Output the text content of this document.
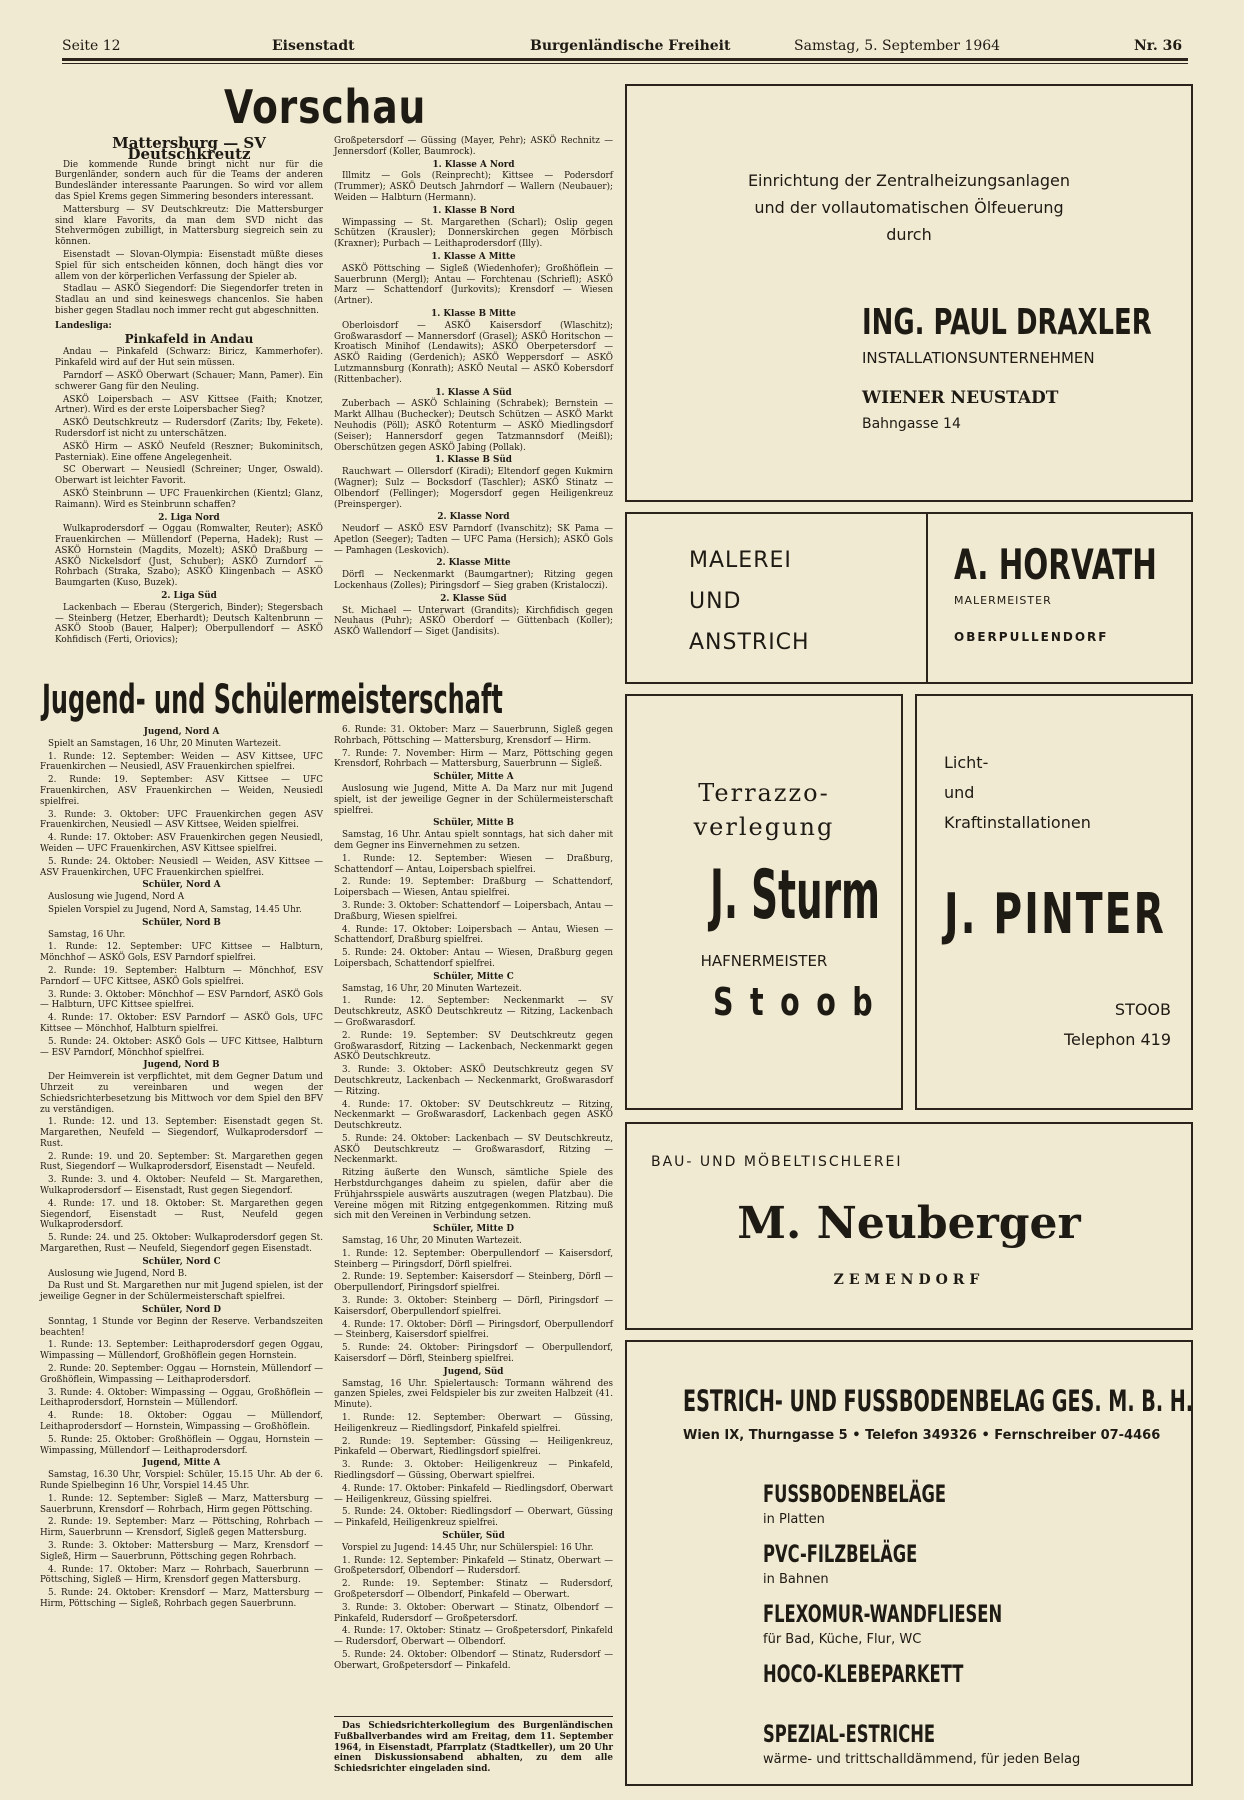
Seite 12	Eisenstadt	Burgenländische Freiheit	Samstag, 5. September 1964	Nr. 36
Vorschau
Mattersburg — SV Deutschkreutz

Die kommende Runde bringt nicht nur für die Burgenländer, sondern auch für die Teams der anderen Bundesländer interessante Paarungen. So wird vor allem das Spiel Krems gegen Simmering besonders interessant.

Mattersburg — SV Deutschkreutz: Die Mattersburger sind klare Favorits, da man dem SVD nicht das Stehvermögen zubilligt, in Mattersburg siegreich sein zu können.

Eisenstadt — Slovan-Olympia: Eisenstadt müßte dieses Spiel für sich entscheiden können, doch hängt dies vor allem von der körperlichen Verfassung der Spieler ab.

Stadlau — ASKÖ Siegendorf: Die Siegendorfer treten in Stadlau an und sind keineswegs chancenlos. Sie haben bisher gegen Stadlau noch immer recht gut abgeschnitten.

Landesliga:
Pinkafeld in Andau

Andau — Pinkafeld (Schwarz: Biricz, Kammerhofer). Pinkafeld wird auf der Hut sein müssen.

Parndorf — ASKÖ Oberwart (Schauer; Mann, Pamer). Ein schwerer Gang für den Neuling.

ASKÖ Loipersbach — ASV Kittsee (Faith; Knotzer, Artner). Wird es der erste Loipersbacher Sieg?

ASKÖ Deutschkreutz — Rudersdorf (Zarits; Iby, Fekete). Rudersdorf ist nicht zu unterschätzen.

ASKÖ Hirm — ASKÖ Neufeld (Reszner; Bukominitsch, Pasterniak). Eine offene Angelegenheit.

SC Oberwart — Neusiedl (Schreiner; Unger, Oswald). Oberwart ist leichter Favorit.

ASKÖ Steinbrunn — UFC Frauenkirchen (Kientzl; Glanz, Raimann). Wird es Steinbrunn schaffen?

2. Liga Nord

Wulkaprodersdorf — Oggau (Romwalter, Reuter); ASKÖ Frauenkirchen — Müllendorf (Peperna, Hadek); Rust — ASKÖ Hornstein (Magdits, Mozelt); ASKÖ Draßburg — ASKÖ Nickelsdorf (Just, Schuber); ASKÖ Zurndorf — Rohrbach (Straka, Szabo); ASKÖ Klingenbach — ASKÖ Baumgarten (Kuso, Buzek).

2. Liga Süd

Lackenbach — Eberau (Stergerich, Binder); Stegersbach — Steinberg (Hetzer, Eberhardt); Deutsch Kaltenbrunn — ASKÖ Stoob (Bauer, Halper); Oberpullendorf — ASKÖ Kohfidisch (Ferti, Oriovics);

Großpetersdorf — Güssing (Mayer, Pehr); ASKÖ Rechnitz — Jennersdorf (Koller, Baumrock).

1. Klasse A Nord

Illmitz — Gols (Reinprecht); Kittsee — Podersdorf (Trummer); ASKÖ Deutsch Jahrndorf — Wallern (Neubauer); Weiden — Halbturn (Hermann).

1. Klasse B Nord

Wimpassing — St. Margarethen (Scharl); Oslip gegen Schützen (Krausler); Donnerskirchen gegen Mörbisch (Kraxner); Purbach — Leithaprodersdorf (Illy).

1. Klasse A Mitte

ASKÖ Pöttsching — Sigleß (Wiedenhofer); Großhöflein — Sauerbrunn (Mergl); Antau — Forchtenau (Schriefl); ASKÖ Marz — Schattendorf (Jurkovits); Krensdorf — Wiesen (Artner).

1. Klasse B Mitte

Oberloisdorf — ASKÖ Kaisersdorf (Wlaschitz); Großwarasdorf — Mannersdorf (Grasel); ASKÖ Horitschon — Kroatisch Minihof (Lendawits); ASKÖ Oberpetersdorf — ASKÖ Raiding (Gerdenich); ASKÖ Weppersdorf — ASKÖ Lutzmannsburg (Konrath); ASKÖ Neutal — ASKÖ Kobersdorf (Rittenbacher).

1. Klasse A Süd

Zuberbach — ASKÖ Schlaining (Schrabek); Bernstein — Markt Allhau (Buchecker); Deutsch Schützen — ASKÖ Markt Neuhodis (Pöll); ASKÖ Rotenturm — ASKÖ Miedlingsdorf (Seiser); Hannersdorf gegen Tatzmannsdorf (Meißl); Oberschützen gegen ASKÖ Jabing (Pollak).

1. Klasse B Süd

Rauchwart — Ollersdorf (Kiradi); Eltendorf gegen Kukmirn (Wagner); Sulz — Bocksdorf (Taschler); ASKÖ Stinatz — Olbendorf (Fellinger); Mogersdorf gegen Heiligenkreuz (Preinsperger).

2. Klasse Nord

Neudorf — ASKÖ ESV Parndorf (Ivanschitz); SK Pama — Apetlon (Seeger); Tadten — UFC Pama (Hersich); ASKÖ Gols — Pamhagen (Leskovich).

2. Klasse Mitte

Dörfl — Neckenmarkt (Baumgartner); Ritzing gegen Lockenhaus (Zolles); Piringsdorf — Sieg graben (Kristaloczi).

2. Klasse Süd

St. Michael — Unterwart (Grandits); Kirchfidisch gegen Neuhaus (Puhr); ASKÖ Oberdorf — Güttenbach (Koller); ASKÖ Wallendorf — Siget (Jandisits).

Jugend- und Schülermeisterschaft
Jugend, Nord A

Spielt an Samstagen, 16 Uhr, 20 Minuten Wartezeit.

1. Runde: 12. September: Weiden — ASV Kittsee, UFC Frauenkirchen — Neusiedl, ASV Frauenkirchen spielfrei.

2. Runde: 19. September: ASV Kittsee — UFC Frauenkirchen, ASV Frauenkirchen — Weiden, Neusiedl spielfrei.

3. Runde: 3. Oktober: UFC Frauenkirchen gegen ASV Frauenkirchen, Neusiedl — ASV Kittsee, Weiden spielfrei.

4. Runde: 17. Oktober: ASV Frauenkirchen gegen Neusiedl, Weiden — UFC Frauenkirchen, ASV Kittsee spielfrei.

5. Runde: 24. Oktober: Neusiedl — Weiden, ASV Kittsee — ASV Frauenkirchen, UFC Frauenkirchen spielfrei.

Schüler, Nord A

Auslosung wie Jugend, Nord A

Spielen Vorspiel zu Jugend, Nord A, Samstag, 14.45 Uhr.

Schüler, Nord B

Samstag, 16 Uhr.

1. Runde: 12. September: UFC Kittsee — Halbturn, Mönchhof — ASKÖ Gols, ESV Parndorf spielfrei.

2. Runde: 19. September: Halbturn — Mönchhof, ESV Parndorf — UFC Kittsee, ASKÖ Gols spielfrei.

3. Runde: 3. Oktober: Mönchhof — ESV Parndorf, ASKÖ Gols — Halbturn, UFC Kittsee spielfrei.

4. Runde: 17. Oktober: ESV Parndorf — ASKÖ Gols, UFC Kittsee — Mönchhof, Halbturn spielfrei.

5. Runde: 24. Oktober: ASKÖ Gols — UFC Kittsee, Halbturn — ESV Parndorf, Mönchhof spielfrei.

Jugend, Nord B

Der Heimverein ist verpflichtet, mit dem Gegner Datum und Uhrzeit zu vereinbaren und wegen der Schiedsrichterbesetzung bis Mittwoch vor dem Spiel den BFV zu verständigen.

1. Runde: 12. und 13. September: Eisenstadt gegen St. Margarethen, Neufeld — Siegendorf, Wulkaprodersdorf — Rust.

2. Runde: 19. und 20. September: St. Margarethen gegen Rust, Siegendorf — Wulkaprodersdorf, Eisenstadt — Neufeld.

3. Runde: 3. und 4. Oktober: Neufeld — St. Margarethen, Wulkaprodersdorf — Eisenstadt, Rust gegen Siegendorf.

4. Runde: 17. und 18. Oktober: St. Margarethen gegen Siegendorf, Eisenstadt — Rust, Neufeld gegen Wulkaprodersdorf.

5. Runde: 24. und 25. Oktober: Wulkaprodersdorf gegen St. Margarethen, Rust — Neufeld, Siegendorf gegen Eisenstadt.

Schüler, Nord C

Auslosung wie Jugend, Nord B.

Da Rust und St. Margarethen nur mit Jugend spielen, ist der jeweilige Gegner in der Schülermeisterschaft spielfrei.

Schüler, Nord D

Sonntag, 1 Stunde vor Beginn der Reserve. Verbandszeiten beachten!

1. Runde: 13. September: Leithaprodersdorf gegen Oggau, Wimpassing — Müllendorf, Großhöflein gegen Hornstein.

2. Runde: 20. September: Oggau — Hornstein, Müllendorf — Großhöflein, Wimpassing — Leithaprodersdorf.

3. Runde: 4. Oktober: Wimpassing — Oggau, Großhöflein — Leithaprodersdorf, Hornstein — Müllendorf.

4. Runde: 18. Oktober: Oggau — Müllendorf, Leithaprodersdorf — Hornstein, Wimpassing — Großhöflein.

5. Runde: 25. Oktober: Großhöflein — Oggau, Hornstein — Wimpassing, Müllendorf — Leithaprodersdorf.

Jugend, Mitte A

Samstag, 16.30 Uhr, Vorspiel: Schüler, 15.15 Uhr. Ab der 6. Runde Spielbeginn 16 Uhr, Vorspiel 14.45 Uhr.

1. Runde: 12. September: Sigleß — Marz, Mattersburg — Sauerbrunn, Krensdorf — Rohrbach, Hirm gegen Pöttsching.

2. Runde: 19. September: Marz — Pöttsching, Rohrbach — Hirm, Sauerbrunn — Krensdorf, Sigleß gegen Mattersburg.

3. Runde: 3. Oktober: Mattersburg — Marz, Krensdorf — Sigleß, Hirm — Sauerbrunn, Pöttsching gegen Rohrbach.

4. Runde: 17. Oktober: Marz — Rohrbach, Sauerbrunn — Pöttsching, Sigleß — Hirm, Krensdorf gegen Mattersburg.

5. Runde: 24. Oktober: Krensdorf — Marz, Mattersburg — Hirm, Pöttsching — Sigleß, Rohrbach gegen Sauerbrunn.

6. Runde: 31. Oktober: Marz — Sauerbrunn, Sigleß gegen Rohrbach, Pöttsching — Mattersburg, Krensdorf — Hirm.

7. Runde: 7. November: Hirm — Marz, Pöttsching gegen Krensdorf, Rohrbach — Mattersburg, Sauerbrunn — Sigleß.

Schüler, Mitte A

Auslosung wie Jugend, Mitte A. Da Marz nur mit Jugend spielt, ist der jeweilige Gegner in der Schülermeisterschaft spielfrei.

Schüler, Mitte B

Samstag, 16 Uhr. Antau spielt sonntags, hat sich daher mit dem Gegner ins Einvernehmen zu setzen.

1. Runde: 12. September: Wiesen — Draßburg, Schattendorf — Antau, Loipersbach spielfrei.

2. Runde: 19. September: Draßburg — Schattendorf, Loipersbach — Wiesen, Antau spielfrei.

3. Runde: 3. Oktober: Schattendorf — Loipersbach, Antau — Draßburg, Wiesen spielfrei.

4. Runde: 17. Oktober: Loipersbach — Antau, Wiesen — Schattendorf, Draßburg spielfrei.

5. Runde: 24. Oktober: Antau — Wiesen, Draßburg gegen Loipersbach, Schattendorf spielfrei.

Schüler, Mitte C

Samstag, 16 Uhr, 20 Minuten Wartezeit.

1. Runde: 12. September: Neckenmarkt — SV Deutschkreutz, ASKÖ Deutschkreutz — Ritzing, Lackenbach — Großwarasdorf.

2. Runde: 19. September: SV Deutschkreutz gegen Großwarasdorf, Ritzing — Lackenbach, Neckenmarkt gegen ASKÖ Deutschkreutz.

3. Runde: 3. Oktober: ASKÖ Deutschkreutz gegen SV Deutschkreutz, Lackenbach — Neckenmarkt, Großwarasdorf — Ritzing.

4. Runde: 17. Oktober: SV Deutschkreutz — Ritzing, Neckenmarkt — Großwarasdorf, Lackenbach gegen ASKÖ Deutschkreutz.

5. Runde: 24. Oktober: Lackenbach — SV Deutschkreutz, ASKÖ Deutschkreutz — Großwarasdorf, Ritzing — Neckenmarkt.

Ritzing äußerte den Wunsch, sämtliche Spiele des Herbstdurchganges daheim zu spielen, dafür aber die Frühjahrsspiele auswärts auszutragen (wegen Platzbau). Die Vereine mögen mit Ritzing entgegenkommen. Ritzing muß sich mit den Vereinen in Verbindung setzen.

Schüler, Mitte D

Samstag, 16 Uhr, 20 Minuten Wartezeit.

1. Runde: 12. September: Oberpullendorf — Kaisersdorf, Steinberg — Piringsdorf, Dörfl spielfrei.

2. Runde: 19. September: Kaisersdorf — Steinberg, Dörfl — Oberpullendorf, Piringsdorf spielfrei.

3. Runde: 3. Oktober: Steinberg — Dörfl, Piringsdorf — Kaisersdorf, Oberpullendorf spielfrei.

4. Runde: 17. Oktober: Dörfl — Piringsdorf, Oberpullendorf — Steinberg, Kaisersdorf spielfrei.

5. Runde: 24. Oktober: Piringsdorf — Oberpullendorf, Kaisersdorf — Dörfl, Steinberg spielfrei.

Jugend, Süd

Samstag, 16 Uhr. Spielertausch: Tormann während des ganzen Spieles, zwei Feldspieler bis zur zweiten Halbzeit (41. Minute).

1. Runde: 12. September: Oberwart — Güssing, Heiligenkreuz — Riedlingsdorf, Pinkafeld spielfrei.

2. Runde: 19. September: Güssing — Heiligenkreuz, Pinkafeld — Oberwart, Riedlingsdorf spielfrei.

3. Runde: 3. Oktober: Heiligenkreuz — Pinkafeld, Riedlingsdorf — Güssing, Oberwart spielfrei.

4. Runde: 17. Oktober: Pinkafeld — Riedlingsdorf, Oberwart — Heiligenkreuz, Güssing spielfrei.

5. Runde: 24. Oktober: Riedlingsdorf — Oberwart, Güssing — Pinkafeld, Heiligenkreuz spielfrei.

Schüler, Süd

Vorspiel zu Jugend: 14.45 Uhr, nur Schülerspiel: 16 Uhr.

1. Runde: 12. September: Pinkafeld — Stinatz, Oberwart — Großpetersdorf, Olbendorf — Rudersdorf.

2. Runde: 19. September: Stinatz — Rudersdorf, Großpetersdorf — Olbendorf, Pinkafeld — Oberwart.

3. Runde: 3. Oktober: Oberwart — Stinatz, Olbendorf — Pinkafeld, Rudersdorf — Großpetersdorf.

4. Runde: 17. Oktober: Stinatz — Großpetersdorf, Pinkafeld — Rudersdorf, Oberwart — Olbendorf.

5. Runde: 24. Oktober: Olbendorf — Stinatz, Rudersdorf — Oberwart, Großpetersdorf — Pinkafeld.

Das Schiedsrichterkollegium des Burgenländischen Fußballverbandes wird am Freitag, dem 11. September 1964, in Eisenstadt, Pfarrplatz (Stadtkeller), um 20 Uhr einen Diskussionsabend abhalten, zu dem alle Schiedsrichter eingeladen sind.

Einrichtung der Zentralheizungsanlagen
und der vollautomatischen Ölfeuerung
durch
ING. PAUL DRAXLER
INSTALLATIONSUNTERNEHMEN
WIENER NEUSTADT
Bahngasse 14
MALEREI
UND
ANSTRICH
A. HORVATH
MALERMEISTER
OBERPULLENDORF
Terrazzo-
verlegung
J. Sturm
HAFNERMEISTER
Stoob
Licht-
und
Kraftinstallationen
J. PINTER
STOOB
Telephon 419
BAU- UND MÖBELTISCHLEREI
M. Neuberger
ZEMENDORF
ESTRICH- UND FUSSBODENBELAG GES. M. B. H.
Wien IX, Thurngasse 5 • Telefon 349326 • Fernschreiber 07-4466
FUSSBODENBELÄGE
in Platten
PVC-FILZBELÄGE
in Bahnen
FLEXOMUR-WANDFLIESEN
für Bad, Küche, Flur, WC
HOCO-KLEBEPARKETT
SPEZIAL-ESTRICHE
wärme- und trittschalldämmend, für jeden Belag
